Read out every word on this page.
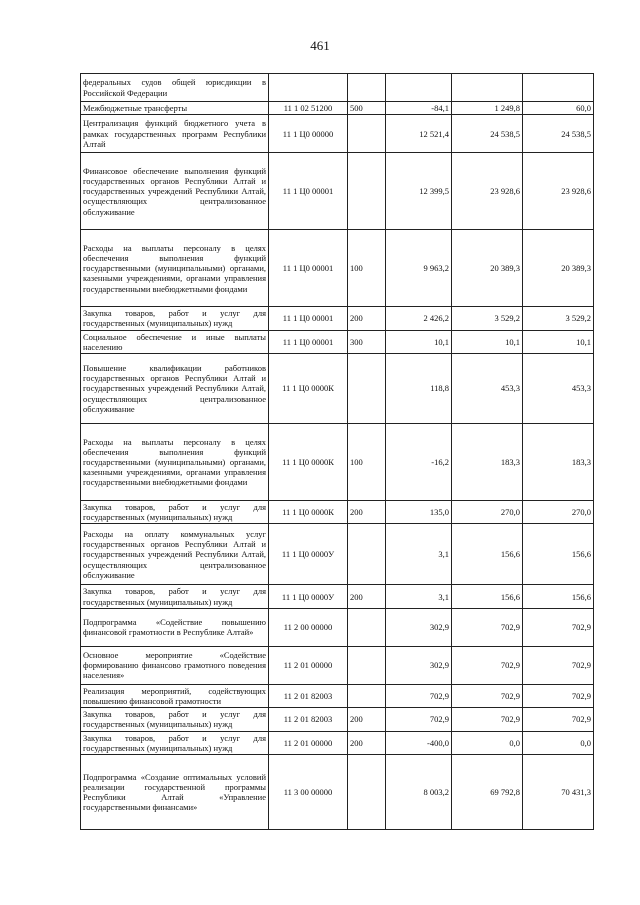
461
федеральных судов общей юрисдикции в Российской Федерации					
Межбюджетные трансферты	11 1 02 51200	500	-84,1	1 249,8	60,0
Централизация функций бюджетного учета в рамках государственных программ Республики Алтай	11 1 Ц0 00000		12 521,4	24 538,5	24 538,5
Финансовое обеспечение выполнения функций государственных органов Республики Алтай и государственных учреждений Республики Алтай, осуществляющих централизованное обслуживание	11 1 Ц0 00001		12 399,5	23 928,6	23 928,6
Расходы на выплаты персоналу в целях обеспечения выполнения функций государственными (муниципальными) органами, казенными учреждениями, органами управления государственными внебюджетными фондами	11 1 Ц0 00001	100	9 963,2	20 389,3	20 389,3
Закупка товаров, работ и услуг для государственных (муниципальных) нужд	11 1 Ц0 00001	200	2 426,2	3 529,2	3 529,2
Социальное обеспечение и иные выплаты населению	11 1 Ц0 00001	300	10,1	10,1	10,1
Повышение квалификации работников государственных органов Республики Алтай и государственных учреждений Республики Алтай, осуществляющих централизованное обслуживание	11 1 Ц0 0000К		118,8	453,3	453,3
Расходы на выплаты персоналу в целях обеспечения выполнения функций государственными (муниципальными) органами, казенными учреждениями, органами управления государственными внебюджетными фондами	11 1 Ц0 0000К	100	-16,2	183,3	183,3
Закупка товаров, работ и услуг для государственных (муниципальных) нужд	11 1 Ц0 0000К	200	135,0	270,0	270,0
Расходы на оплату коммунальных услуг государственных органов Республики Алтай и государственных учреждений Республики Алтай, осуществляющих централизованное обслуживание	11 1 Ц0 0000У		3,1	156,6	156,6
Закупка товаров, работ и услуг для государственных (муниципальных) нужд	11 1 Ц0 0000У	200	3,1	156,6	156,6
Подпрограмма «Содействие повышению финансовой грамотности в Республике Алтай»	11 2 00 00000		302,9	702,9	702,9
Основное мероприятие «Содействие формированию финансово грамотного поведения населения»	11 2 01 00000		302,9	702,9	702,9
Реализация мероприятий, содействующих повышению финансовой грамотности	11 2 01 82003		702,9	702,9	702,9
Закупка товаров, работ и услуг для государственных (муниципальных) нужд	11 2 01 82003	200	702,9	702,9	702,9
Закупка товаров, работ и услуг для государственных (муниципальных) нужд	11 2 01 00000	200	-400,0	0,0	0,0
Подпрограмма «Создание оптимальных условий реализации государственной программы Республики Алтай «Управление государственными финансами»	11 3 00 00000		8 003,2	69 792,8	70 431,3
